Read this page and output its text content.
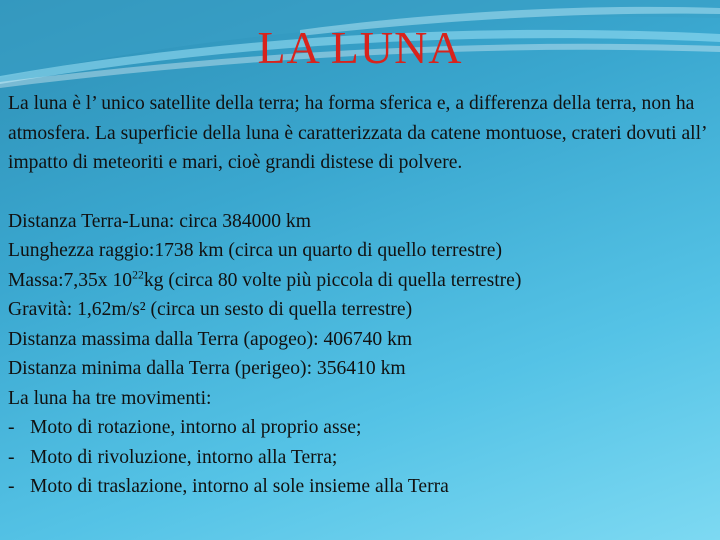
LA LUNA

La luna è l’ unico satellite della terra; ha forma sferica e, a differenza della terra, non ha atmosfera. La superficie della luna è caratterizzata da catene montuose, crateri dovuti all’ impatto di meteoriti e mari, cioè grandi distese di polvere.

Distanza Terra-Luna: circa 384000 km
Lunghezza raggio:1738 km (circa un quarto di quello terrestre)
Massa:7,35x $10^{22}kg$ (circa 80 volte più piccola di quella terrestre)
Gravità: 1,62m/s² (circa un sesto di quella terrestre)
Distanza massima dalla Terra (apogeo): 406740 km
Distanza minima dalla Terra (perigeo): 356410 km
La luna ha tre movimenti:
- Moto di rotazione, intorno al proprio asse;
- Moto di rivoluzione, intorno alla Terra;
- Moto di traslazione, intorno al sole insieme alla Terra
